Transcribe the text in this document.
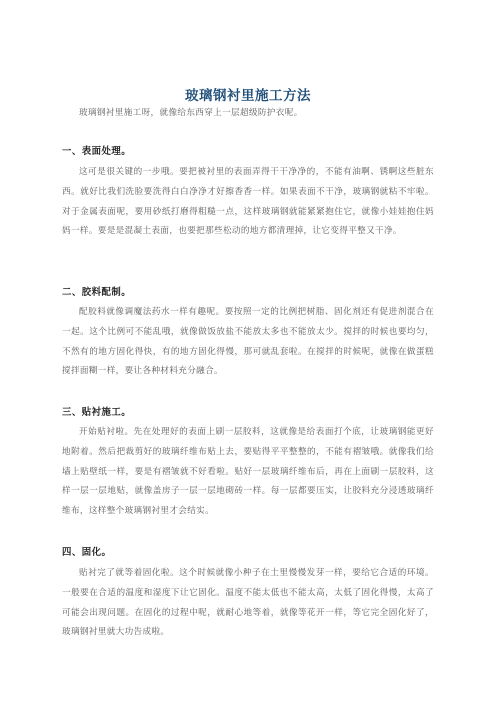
玻璃钢衬里施工方法
玻璃钢衬里施工呀，就像给东西穿上一层超级防护衣呢。
一、表面处理。
这可是很关键的一步哦。要把被衬里的表面弄得干干净净的，不能有油啊、锈啊这些脏东西。就好比我们洗脸要洗得白白净净才好擦香香一样。如果表面不干净，玻璃钢就粘不牢啦。对于金属表面呢，要用砂纸打磨得粗糙一点，这样玻璃钢就能紧紧抱住它，就像小娃娃抱住妈妈一样。要是是混凝土表面，也要把那些松动的地方都清理掉，让它变得平整又干净。
二、胶料配制。
配胶料就像调魔法药水一样有趣呢。要按照一定的比例把树脂、固化剂还有促进剂混合在一起。这个比例可不能乱哦，就像做饭放盐不能放太多也不能放太少。搅拌的时候也要均匀，不然有的地方固化得快，有的地方固化得慢，那可就乱套啦。在搅拌的时候呢，就像在做蛋糕搅拌面糊一样，要让各种材料充分融合。
三、贴衬施工。
开始贴衬啦。先在处理好的表面上刷一层胶料，这就像是给表面打个底，让玻璃钢能更好地附着。然后把裁剪好的玻璃纤维布贴上去，要贴得平平整整的，不能有褶皱哦。就像我们给墙上贴壁纸一样，要是有褶皱就不好看啦。贴好一层玻璃纤维布后，再在上面刷一层胶料，这样一层一层地贴，就像盖房子一层一层地砌砖一样。每一层都要压实，让胶料充分浸透玻璃纤维布，这样整个玻璃钢衬里才会结实。
四、固化。
贴衬完了就等着固化啦。这个时候就像小种子在土里慢慢发芽一样，要给它合适的环境。一般要在合适的温度和湿度下让它固化。温度不能太低也不能太高，太低了固化得慢，太高了可能会出现问题。在固化的过程中呢，就耐心地等着，就像等花开一样，等它完全固化好了，玻璃钢衬里就大功告成啦。
